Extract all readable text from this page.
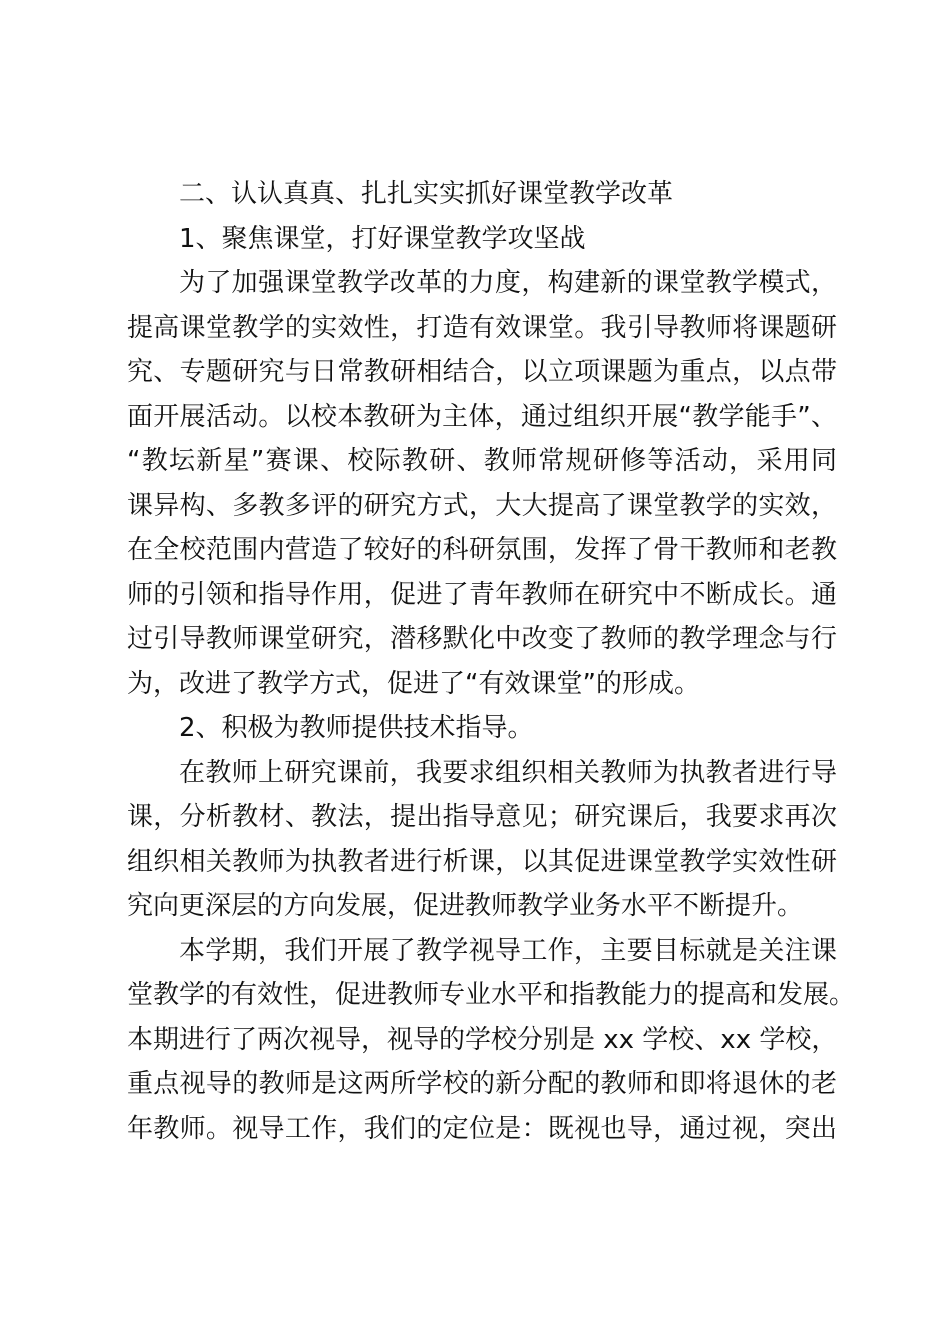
二、认认真真、扎扎实实抓好课堂教学改革
1、聚焦课堂，打好课堂教学攻坚战
为了加强课堂教学改革的力度，构建新的课堂教学模式，
提高课堂教学的实效性，打造有效课堂。我引导教师将课题研
究、专题研究与日常教研相结合，以立项课题为重点，以点带
面开展活动。以校本教研为主体，通过组织开展“教学能手”、
“教坛新星”赛课、校际教研、教师常规研修等活动，采用同
课异构、多教多评的研究方式，大大提高了课堂教学的实效，
在全校范围内营造了较好的科研氛围，发挥了骨干教师和老教
师的引领和指导作用，促进了青年教师在研究中不断成长。通
过引导教师课堂研究，潜移默化中改变了教师的教学理念与行
为，改进了教学方式，促进了“有效课堂”的形成。
2、积极为教师提供技术指导。
在教师上研究课前，我要求组织相关教师为执教者进行导
课，分析教材、教法，提出指导意见；研究课后，我要求再次
组织相关教师为执教者进行析课，以其促进课堂教学实效性研
究向更深层的方向发展，促进教师教学业务水平不断提升。
本学期，我们开展了教学视导工作，主要目标就是关注课
堂教学的有效性，促进教师专业水平和指教能力的提高和发展。
本期进行了两次视导，视导的学校分别是 xx 学校、xx 学校，
重点视导的教师是这两所学校的新分配的教师和即将退休的老
年教师。视导工作，我们的定位是：既视也导，通过视，突出
